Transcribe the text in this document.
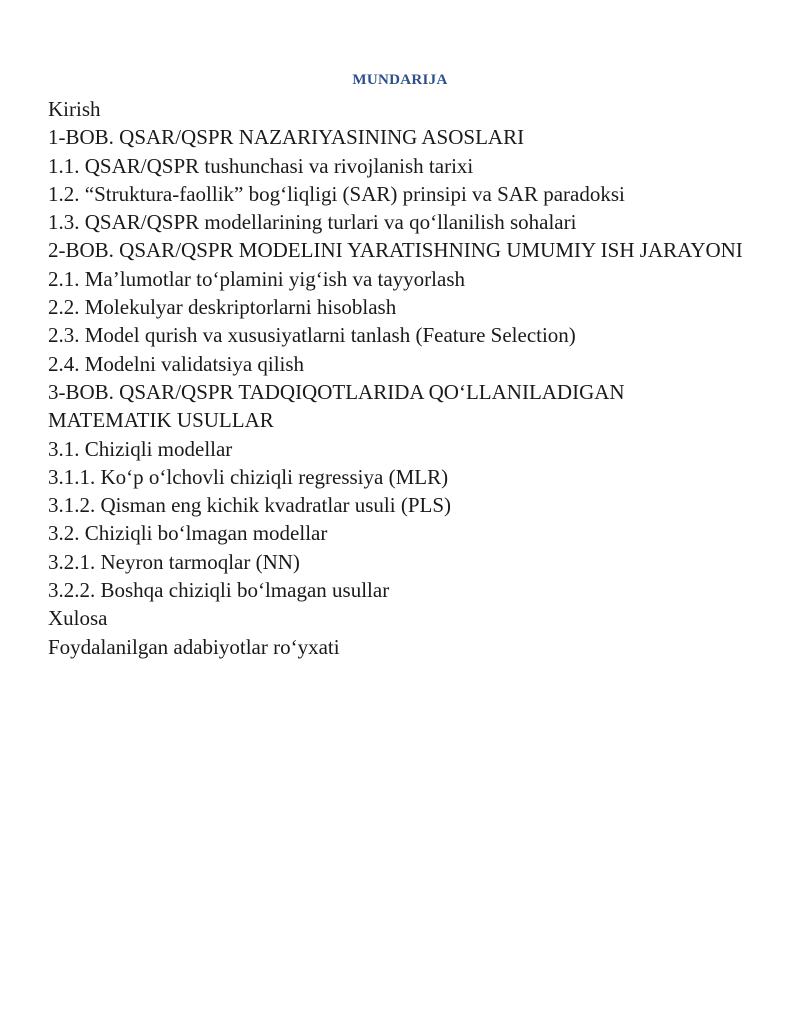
MUNDARIJA
Kirish
1-BOB. QSAR/QSPR NAZARIYASINING ASOSLARI
1.1. QSAR/QSPR tushunchasi va rivojlanish tarixi
1.2. “Struktura-faollik” bog‘liqligi (SAR) prinsipi va SAR paradoksi
1.3. QSAR/QSPR modellarining turlari va qo‘llanilish sohalari
2-BOB. QSAR/QSPR MODELINI YARATISHNING UMUMIY ISH JARAYONI
2.1. Ma’lumotlar to‘plamini yig‘ish va tayyorlash
2.2. Molekulyar deskriptorlarni hisoblash
2.3. Model qurish va xususiyatlarni tanlash (Feature Selection)
2.4. Modelni validatsiya qilish
3-BOB. QSAR/QSPR TADQIQOTLARIDA QO‘LLANILADIGAN MATEMATIK USULLAR
3.1. Chiziqli modellar
3.1.1. Ko‘p o‘lchovli chiziqli regressiya (MLR)
3.1.2. Qisman eng kichik kvadratlar usuli (PLS)
3.2. Chiziqli bo‘lmagan modellar
3.2.1. Neyron tarmoqlar (NN)
3.2.2. Boshqa chiziqli bo‘lmagan usullar
Xulosa
Foydalanilgan adabiyotlar ro‘yxati
